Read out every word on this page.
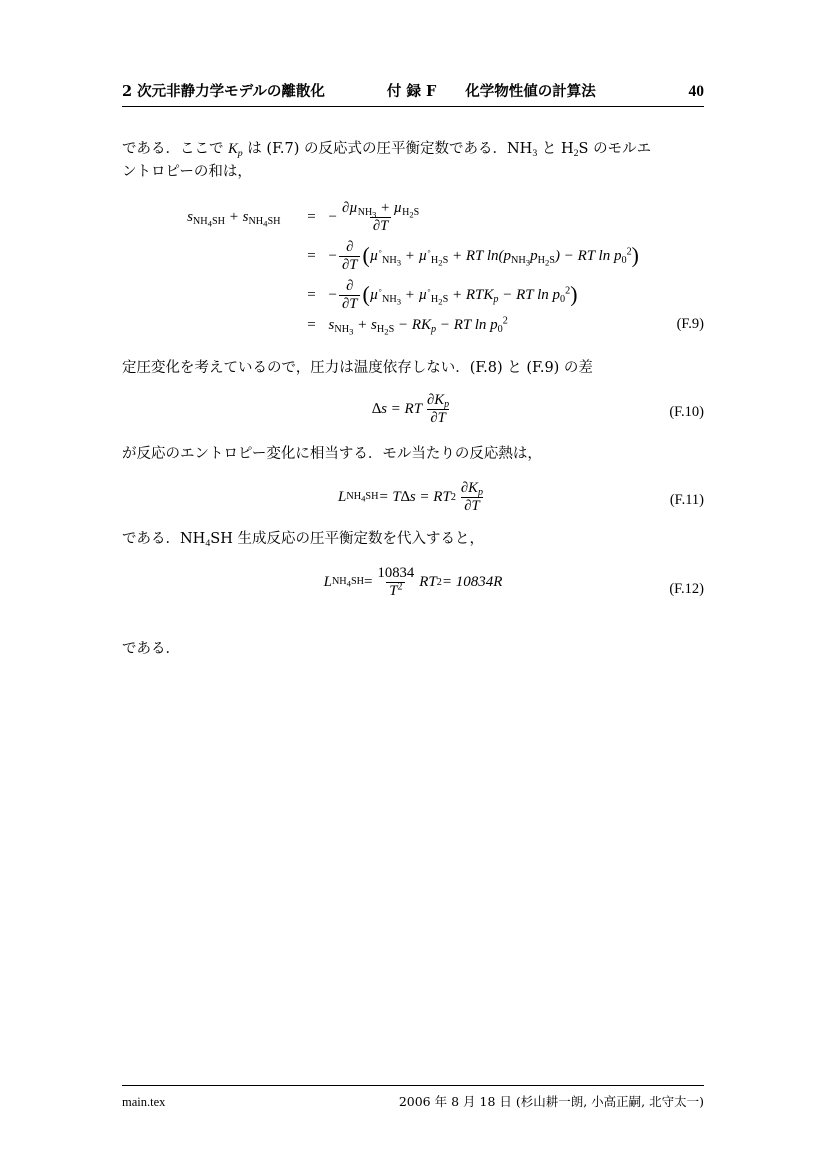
2 次元非静力学モデルの離散化	付 録 F　　化学物性値の計算法	40
である．ここで $K_p$ は (F.7) の反応式の圧平衡定数である．$NH_3$ と $H_2S$ のモルエ
ントロピーの和は，
$s_{NH_4SH} + s_{NH_4SH}$	=	− $\frac{\partial\mu_{NH_3} + \mu_{H_2S}}{\partial T}$

	=	− $\frac{\partial}{\partial T} (\mu^◦_{NH_3} + \mu^◦_{H_2S}$ + RT $\ln(p_{NH_3}p_{H_2S})$ − RT $\ln p_0^2$)
	=	− $\frac{\partial}{\partial T} (\mu^◦_{NH_3} + \mu^◦_{H_2S} + RTK_p$ − RT $\ln p_0^2$)
	=	$s_{NH_3} + s_{H_2S} - RK_p$ − RT $\ln p_0^2$	(F.9)
定圧変化を考えているので，圧力は温度依存しない．(F.8) と (F.9) の差
∆s = RT $\frac{\partial K_p}{\partial T}$	(F.10)
が反応のエントロピー変化に相当する．モル当たりの反応熱は，
L $NH_4SH = T\Delta s$ = RT $2 \frac{\partial K_p}{\partial T}$	(F.11)
である．$NH_4SH$ 生成反応の圧平衡定数を代入すると，
L $NH_4SH = \frac{10834}{T^2}$ RT 2 = 10834R	(F.12)
である．
main.tex	2006 年 8 月 18 日 (杉山耕一朗, 小高正嗣, 北守太一)
